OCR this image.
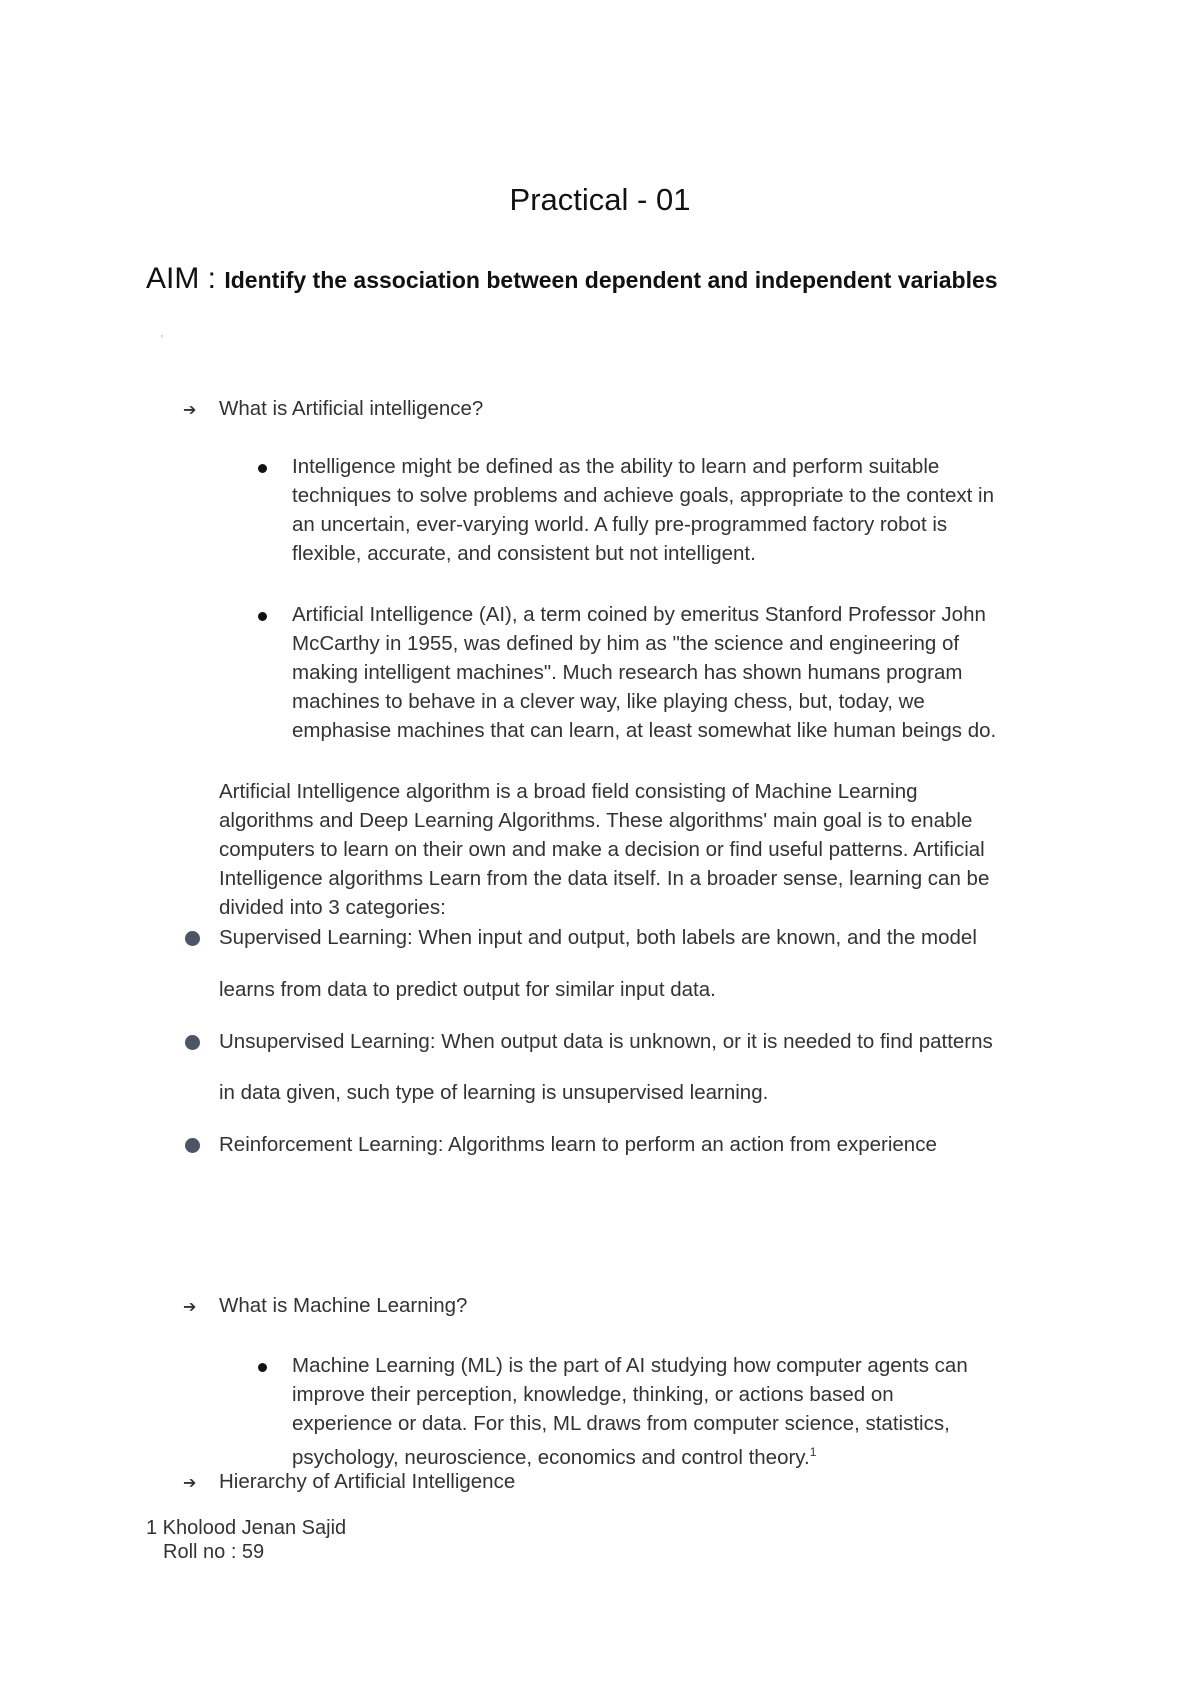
Practical - 01
AIM : Identify the association between dependent and independent variables
'
➔ What is Artificial intelligence?
Intelligence might be defined as the ability to learn and perform suitable
techniques to solve problems and achieve goals, appropriate to the context in
an uncertain, ever-varying world. A fully pre-programmed factory robot is
flexible, accurate, and consistent but not intelligent.
Artificial Intelligence (AI), a term coined by emeritus Stanford Professor John
McCarthy in 1955, was defined by him as "the science and engineering of
making intelligent machines". Much research has shown humans program
machines to behave in a clever way, like playing chess, but, today, we
emphasise machines that can learn, at least somewhat like human beings do.
Artificial Intelligence algorithm is a broad field consisting of Machine Learning
algorithms and Deep Learning Algorithms. These algorithms' main goal is to enable
computers to learn on their own and make a decision or find useful patterns. Artificial
Intelligence algorithms Learn from the data itself. In a broader sense, learning can be
divided into 3 categories:
Supervised Learning: When input and output, both labels are known, and the model
learns from data to predict output for similar input data.
Unsupervised Learning: When output data is unknown, or it is needed to find patterns
in data given, such type of learning is unsupervised learning.
Reinforcement Learning: Algorithms learn to perform an action from experience
➔ What is Machine Learning?
Machine Learning (ML) is the part of AI studying how computer agents can
improve their perception, knowledge, thinking, or actions based on
experience or data. For this, ML draws from computer science, statistics,
psychology, neuroscience, economics and control theory.$^1$
➔ Hierarchy of Artificial Intelligence
1 Kholood Jenan Sajid
Roll no : 59
